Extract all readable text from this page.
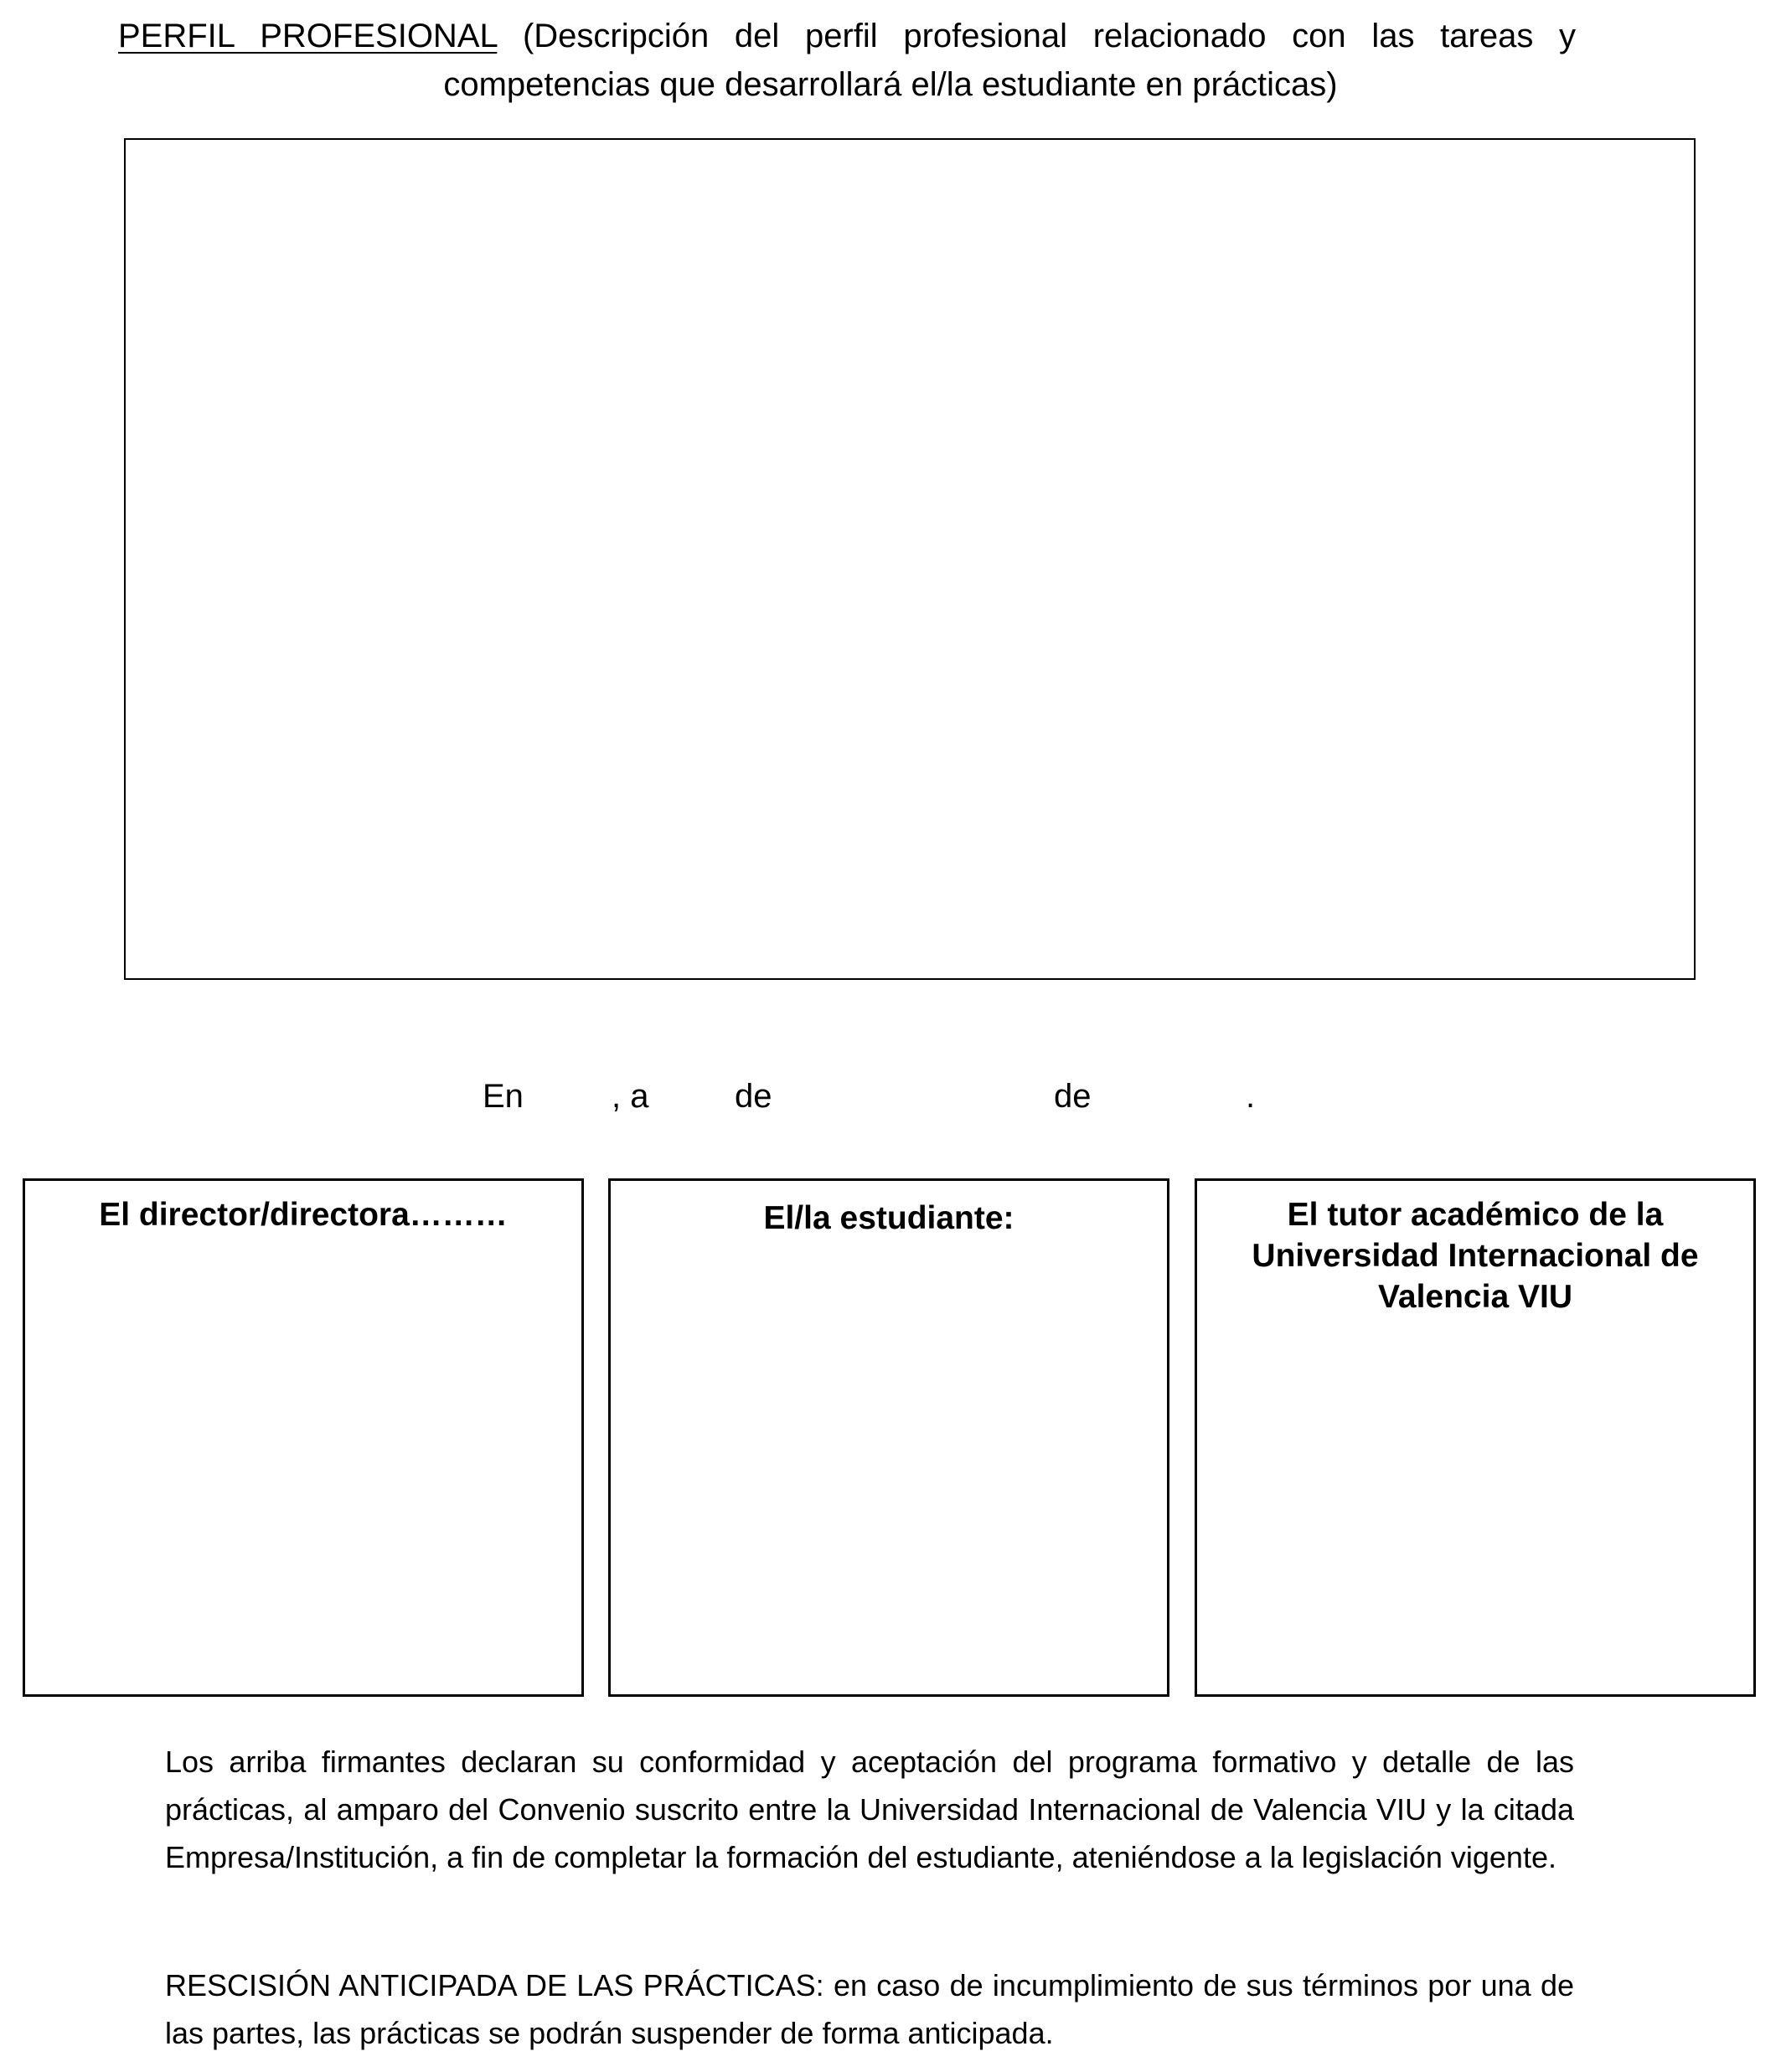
PERFIL PROFESIONAL (Descripción del perfil profesional relacionado con las tareas y
competencias que desarrollará el/la estudiante en prácticas)
En	, a	de	de	.
El director/directora………	El/la estudiante:	El tutor académico de la
Universidad Internacional de
Valencia VIU
Los arriba firmantes declaran su conformidad y aceptación del programa formativo y detalle de las prácticas, al amparo del Convenio suscrito entre la Universidad Internacional de Valencia VIU y la citada Empresa/Institución, a fin de completar la formación del estudiante, ateniéndose a la legislación vigente.
RESCISIÓN ANTICIPADA DE LAS PRÁCTICAS: en caso de incumplimiento de sus términos por una de las partes, las prácticas se podrán suspender de forma anticipada.
